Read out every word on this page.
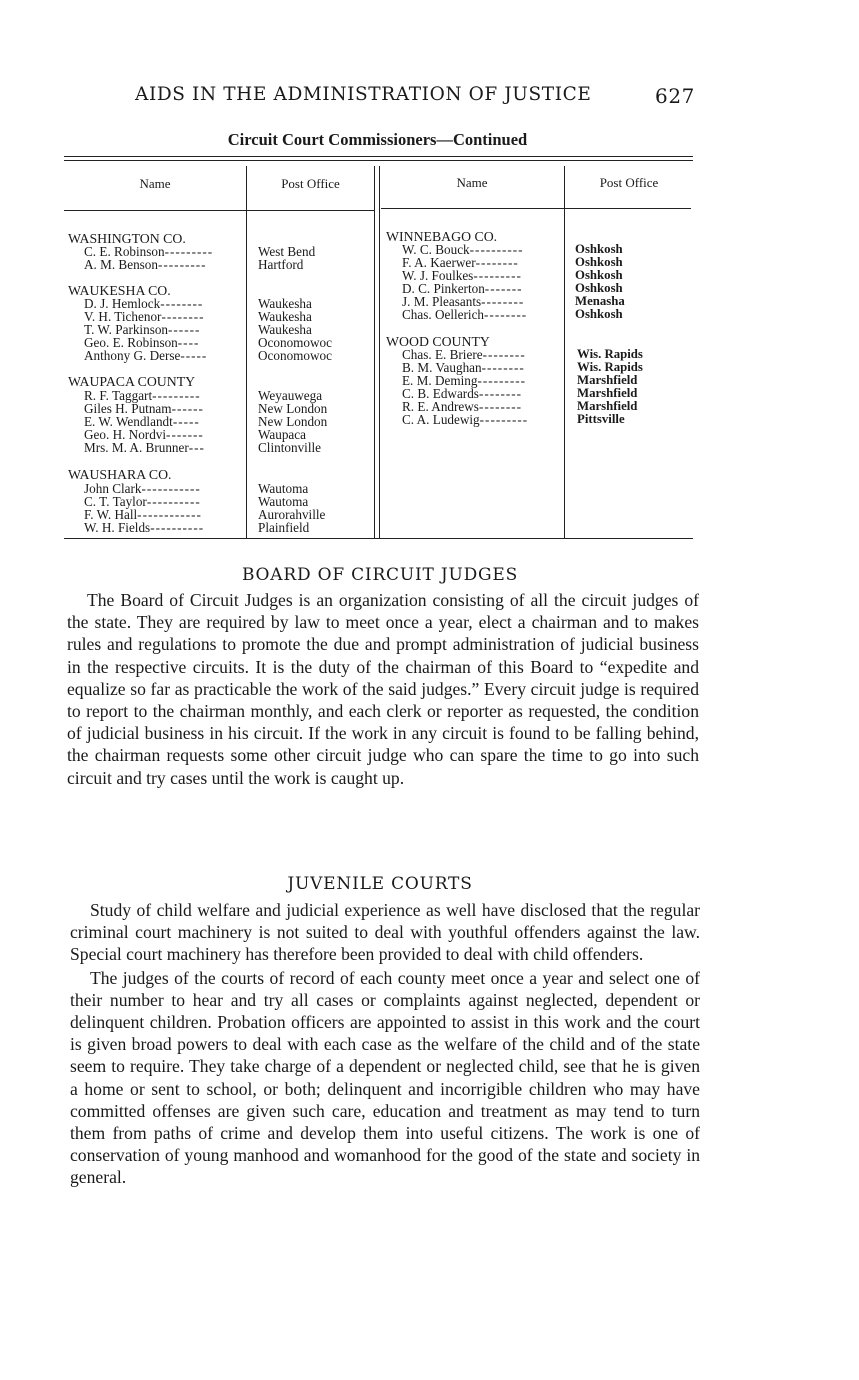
AIDS IN THE ADMINISTRATION OF JUSTICE	627
Circuit Court Commissioners—Continued
Name	Post Office	Name	Post Office
WASHINGTON CO.
C. E. Robinson---------	West Bend
A. M. Benson---------	Hartford
WAUKESHA CO.
D. J. Hemlock--------	Waukesha
V. H. Tichenor--------	Waukesha
T. W. Parkinson------	Waukesha
Geo. E. Robinson----	Oconomowoc
Anthony G. Derse-----	Oconomowoc
WAUPACA COUNTY
R. F. Taggart---------	Weyauwega
Giles H. Putnam------	New London
E. W. Wendlandt-----	New London
Geo. H. Nordvi-------	Waupaca
Mrs. M. A. Brunner---	Clintonville
WAUSHARA CO.
John Clark-----------	Wautoma
C. T. Taylor----------	Wautoma
F. W. Hall------------	Aurorahville
W. H. Fields----------	Plainfield
WINNEBAGO CO.
W. C. Bouck----------	Oshkosh
F. A. Kaerwer--------	Oshkosh
W. J. Foulkes---------	Oshkosh
D. C. Pinkerton-------	Oshkosh
J. M. Pleasants--------	Menasha
Chas. Oellerich--------	Oshkosh
WOOD COUNTY
Chas. E. Briere--------	Wis. Rapids
B. M. Vaughan--------	Wis. Rapids
E. M. Deming---------	Marshfield
C. B. Edwards--------	Marshfield
R. E. Andrews--------	Marshfield
C. A. Ludewig---------	Pittsville
BOARD OF CIRCUIT JUDGES

The Board of Circuit Judges is an organization consisting of all the circuit judges of the state. They are required by law to meet once a year, elect a chairman and to makes rules and regulations to promote the due and prompt administration of judicial business in the respective circuits. It is the duty of the chairman of this Board to “expedite and equalize so far as practicable the work of the said judges.” Every circuit judge is required to report to the chairman monthly, and each clerk or reporter as requested, the condition of judicial business in his circuit. If the work in any circuit is found to be falling behind, the chairman requests some other circuit judge who can spare the time to go into such circuit and try cases until the work is caught up.

JUVENILE COURTS

Study of child welfare and judicial experience as well have disclosed that the regular criminal court machinery is not suited to deal with youthful offenders against the law. Special court machinery has therefore been provided to deal with child offenders.

The judges of the courts of record of each county meet once a year and select one of their number to hear and try all cases or complaints against neglected, dependent or delinquent children. Probation officers are appointed to assist in this work and the court is given broad powers to deal with each case as the welfare of the child and of the state seem to require. They take charge of a dependent or neglected child, see that he is given a home or sent to school, or both; delinquent and incorrigible children who may have committed offenses are given such care, education and treatment as may tend to turn them from paths of crime and develop them into useful citizens. The work is one of conservation of young manhood and womanhood for the good of the state and society in general.
